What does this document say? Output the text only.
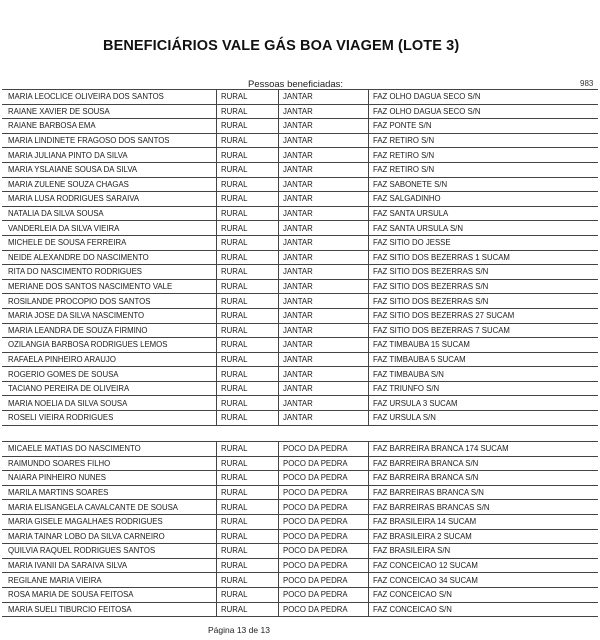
BENEFICIÁRIOS VALE GÁS BOA VIAGEM (LOTE 3)
Pessoas beneficiadas:	983
MARIA LEOCLICE OLIVEIRA DOS SANTOS	RURAL	JANTAR	FAZ OLHO DAGUA SECO S/N
RAIANE XAVIER DE SOUSA	RURAL	JANTAR	FAZ OLHO DAGUA SECO S/N
RAIANE BARBOSA EMA	RURAL	JANTAR	FAZ PONTE S/N
MARIA LINDINETE FRAGOSO DOS SANTOS	RURAL	JANTAR	FAZ RETIRO S/N
MARIA JULIANA PINTO DA SILVA	RURAL	JANTAR	FAZ RETIRO S/N
MARIA YSLAIANE SOUSA DA SILVA	RURAL	JANTAR	FAZ RETIRO S/N
MARIA ZULENE SOUZA CHAGAS	RURAL	JANTAR	FAZ SABONETE S/N
MARIA LUSA RODRIGUES SARAIVA	RURAL	JANTAR	FAZ SALGADINHO
NATALIA DA SILVA SOUSA	RURAL	JANTAR	FAZ SANTA URSULA
VANDERLEIA DA SILVA VIEIRA	RURAL	JANTAR	FAZ SANTA URSULA S/N
MICHELE DE SOUSA FERREIRA	RURAL	JANTAR	FAZ SITIO DO JESSE
NEIDE ALEXANDRE DO NASCIMENTO	RURAL	JANTAR	FAZ SITIO DOS BEZERRAS 1 SUCAM
RITA DO NASCIMENTO RODRIGUES	RURAL	JANTAR	FAZ SITIO DOS BEZERRAS S/N
MERIANE DOS SANTOS NASCIMENTO VALE	RURAL	JANTAR	FAZ SITIO DOS BEZERRAS S/N
ROSILANDE PROCOPIO DOS SANTOS	RURAL	JANTAR	FAZ SITIO DOS BEZERRAS S/N
MARIA JOSE DA SILVA NASCIMENTO	RURAL	JANTAR	FAZ SITIO DOS BEZERRAS 27 SUCAM
MARIA LEANDRA DE SOUZA FIRMINO	RURAL	JANTAR	FAZ SITIO DOS BEZERRAS 7 SUCAM
OZILANGIA BARBOSA RODRIGUES LEMOS	RURAL	JANTAR	FAZ TIMBAUBA 15 SUCAM
RAFAELA PINHEIRO ARAUJO	RURAL	JANTAR	FAZ TIMBAUBA 5 SUCAM
ROGERIO GOMES DE SOUSA	RURAL	JANTAR	FAZ TIMBAUBA S/N
TACIANO PEREIRA DE OLIVEIRA	RURAL	JANTAR	FAZ TRIUNFO S/N
MARIA NOELIA DA SILVA SOUSA	RURAL	JANTAR	FAZ URSULA 3 SUCAM
ROSELI VIEIRA RODRIGUES	RURAL	JANTAR	FAZ URSULA S/N
MICAELE MATIAS DO NASCIMENTO	RURAL	POCO DA PEDRA	FAZ BARREIRA BRANCA 174 SUCAM
RAIMUNDO SOARES FILHO	RURAL	POCO DA PEDRA	FAZ BARREIRA BRANCA S/N
NAIARA PINHEIRO NUNES	RURAL	POCO DA PEDRA	FAZ BARREIRA BRANCA S/N
MARILA MARTINS SOARES	RURAL	POCO DA PEDRA	FAZ BARREIRAS BRANCA S/N
MARIA ELISANGELA CAVALCANTE DE SOUSA	RURAL	POCO DA PEDRA	FAZ BARREIRAS BRANCAS S/N
MARIA GISELE MAGALHAES RODRIGUES	RURAL	POCO DA PEDRA	FAZ BRASILEIRA 14 SUCAM
MARIA TAINAR LOBO DA SILVA CARNEIRO	RURAL	POCO DA PEDRA	FAZ BRASILEIRA 2 SUCAM
QUILVIA RAQUEL RODRIGUES SANTOS	RURAL	POCO DA PEDRA	FAZ BRASILEIRA S/N
MARIA IVANII DA SARAIVA SILVA	RURAL	POCO DA PEDRA	FAZ CONCEICAO 12 SUCAM
REGILANE MARIA VIEIRA	RURAL	POCO DA PEDRA	FAZ CONCEICAO 34 SUCAM
ROSA MARIA DE SOUSA FEITOSA	RURAL	POCO DA PEDRA	FAZ CONCEICAO S/N
MARIA SUELI TIBURCIO FEITOSA	RURAL	POCO DA PEDRA	FAZ CONCEICAO S/N
Página 13 de 13
